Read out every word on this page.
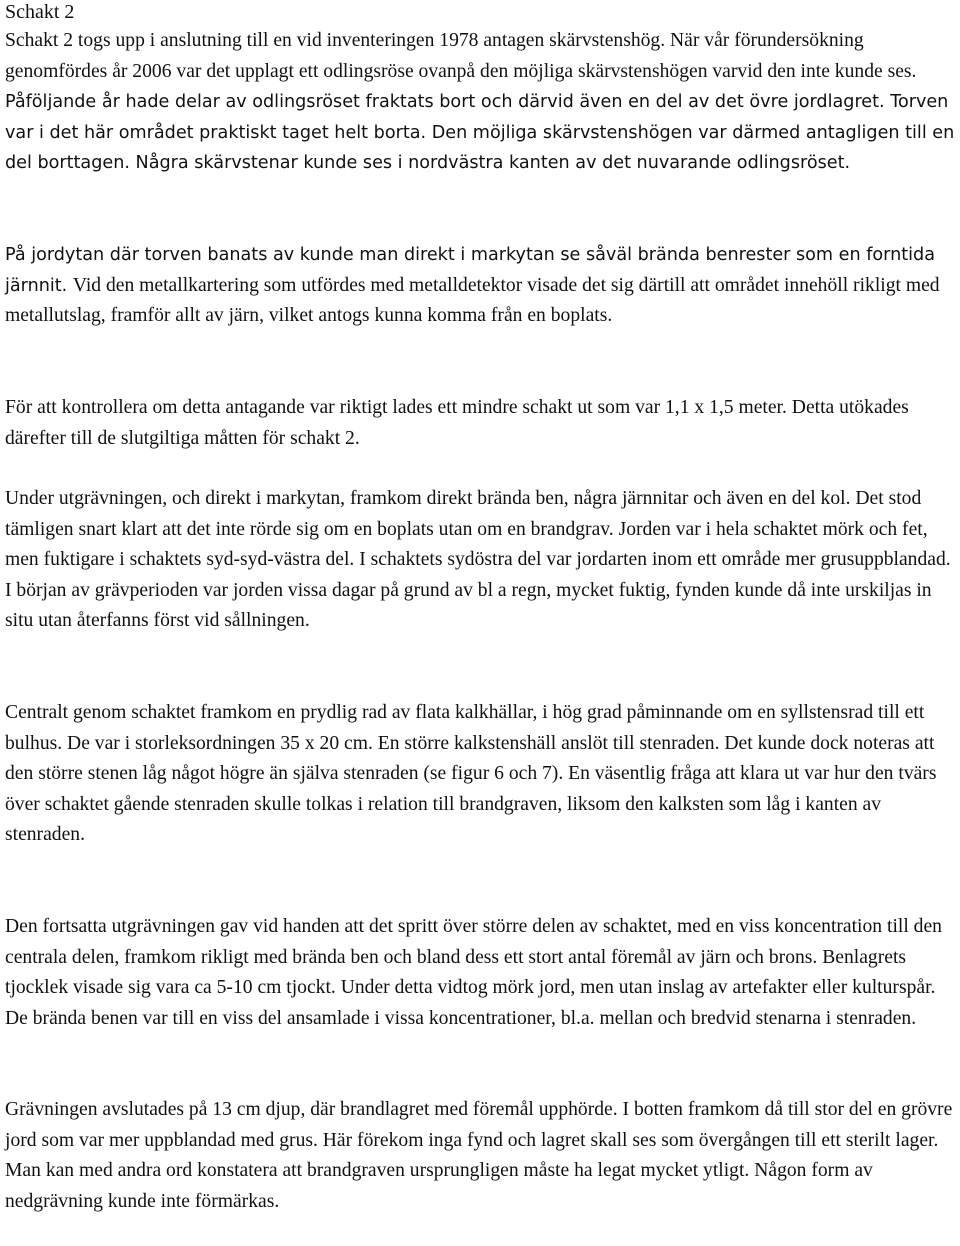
Schakt 2

Schakt 2 togs upp i anslutning till en vid inventeringen 1978 antagen skärvstenshög. När vår förundersökning genomfördes år 2006 var det upplagt ett odlingsröse ovanpå den möjliga skärvstenshögen varvid den inte kunde ses. Påföljande år hade delar av odlingsröset fraktats bort och därvid även en del av det övre jordlagret. Torven var i det här området praktiskt taget helt borta. Den möjliga skärvstenshögen var därmed antagligen till en del borttagen. Några skärvstenar kunde ses i nordvästra kanten av det nuvarande odlingsröset.

På jordytan där torven banats av kunde man direkt i markytan se såväl brända benrester som en forntida järnnit. Vid den metallkartering som utfördes med metalldetektor visade det sig därtill att området innehöll rikligt med metallutslag, framför allt av järn, vilket antogs kunna komma från en boplats.

För att kontrollera om detta antagande var riktigt lades ett mindre schakt ut som var 1,1 x 1,5 meter. Detta utökades därefter till de slutgiltiga måtten för schakt 2.

Under utgrävningen, och direkt i markytan, framkom direkt brända ben, några järnnitar och även en del kol. Det stod tämligen snart klart att det inte rörde sig om en boplats utan om en brandgrav. Jorden var i hela schaktet mörk och fet, men fuktigare i schaktets syd-syd-västra del. I schaktets sydöstra del var jordarten inom ett område mer grusuppblandad. I början av grävperioden var jorden vissa dagar på grund av bl a regn, mycket fuktig, fynden kunde då inte urskiljas in situ utan återfanns först vid sållningen.

Centralt genom schaktet framkom en prydlig rad av flata kalkhällar, i hög grad påminnande om en syllstensrad till ett bulhus. De var i storleksordningen 35 x 20 cm. En större kalkstenshäll anslöt till stenraden. Det kunde dock noteras att den större stenen låg något högre än själva stenraden (se figur 6 och 7). En väsentlig fråga att klara ut var hur den tvärs över schaktet gående stenraden skulle tolkas i relation till brandgraven, liksom den kalksten som låg i kanten av stenraden.

Den fortsatta utgrävningen gav vid handen att det spritt över större delen av schaktet, med en viss koncentration till den centrala delen, framkom rikligt med brända ben och bland dess ett stort antal föremål av järn och brons. Benlagrets tjocklek visade sig vara ca 5-10 cm tjockt. Under detta vidtog mörk jord, men utan inslag av artefakter eller kulturspår. De brända benen var till en viss del ansamlade i vissa koncentrationer, bl.a. mellan och bredvid stenarna i stenraden.

Grävningen avslutades på 13 cm djup, där brandlagret med föremål upphörde. I botten framkom då till stor del en grövre jord som var mer uppblandad med grus. Här förekom inga fynd och lagret skall ses som övergången till ett sterilt lager. Man kan med andra ord konstatera att brandgraven ursprungligen måste ha legat mycket ytligt. Någon form av nedgrävning kunde inte förmärkas.
